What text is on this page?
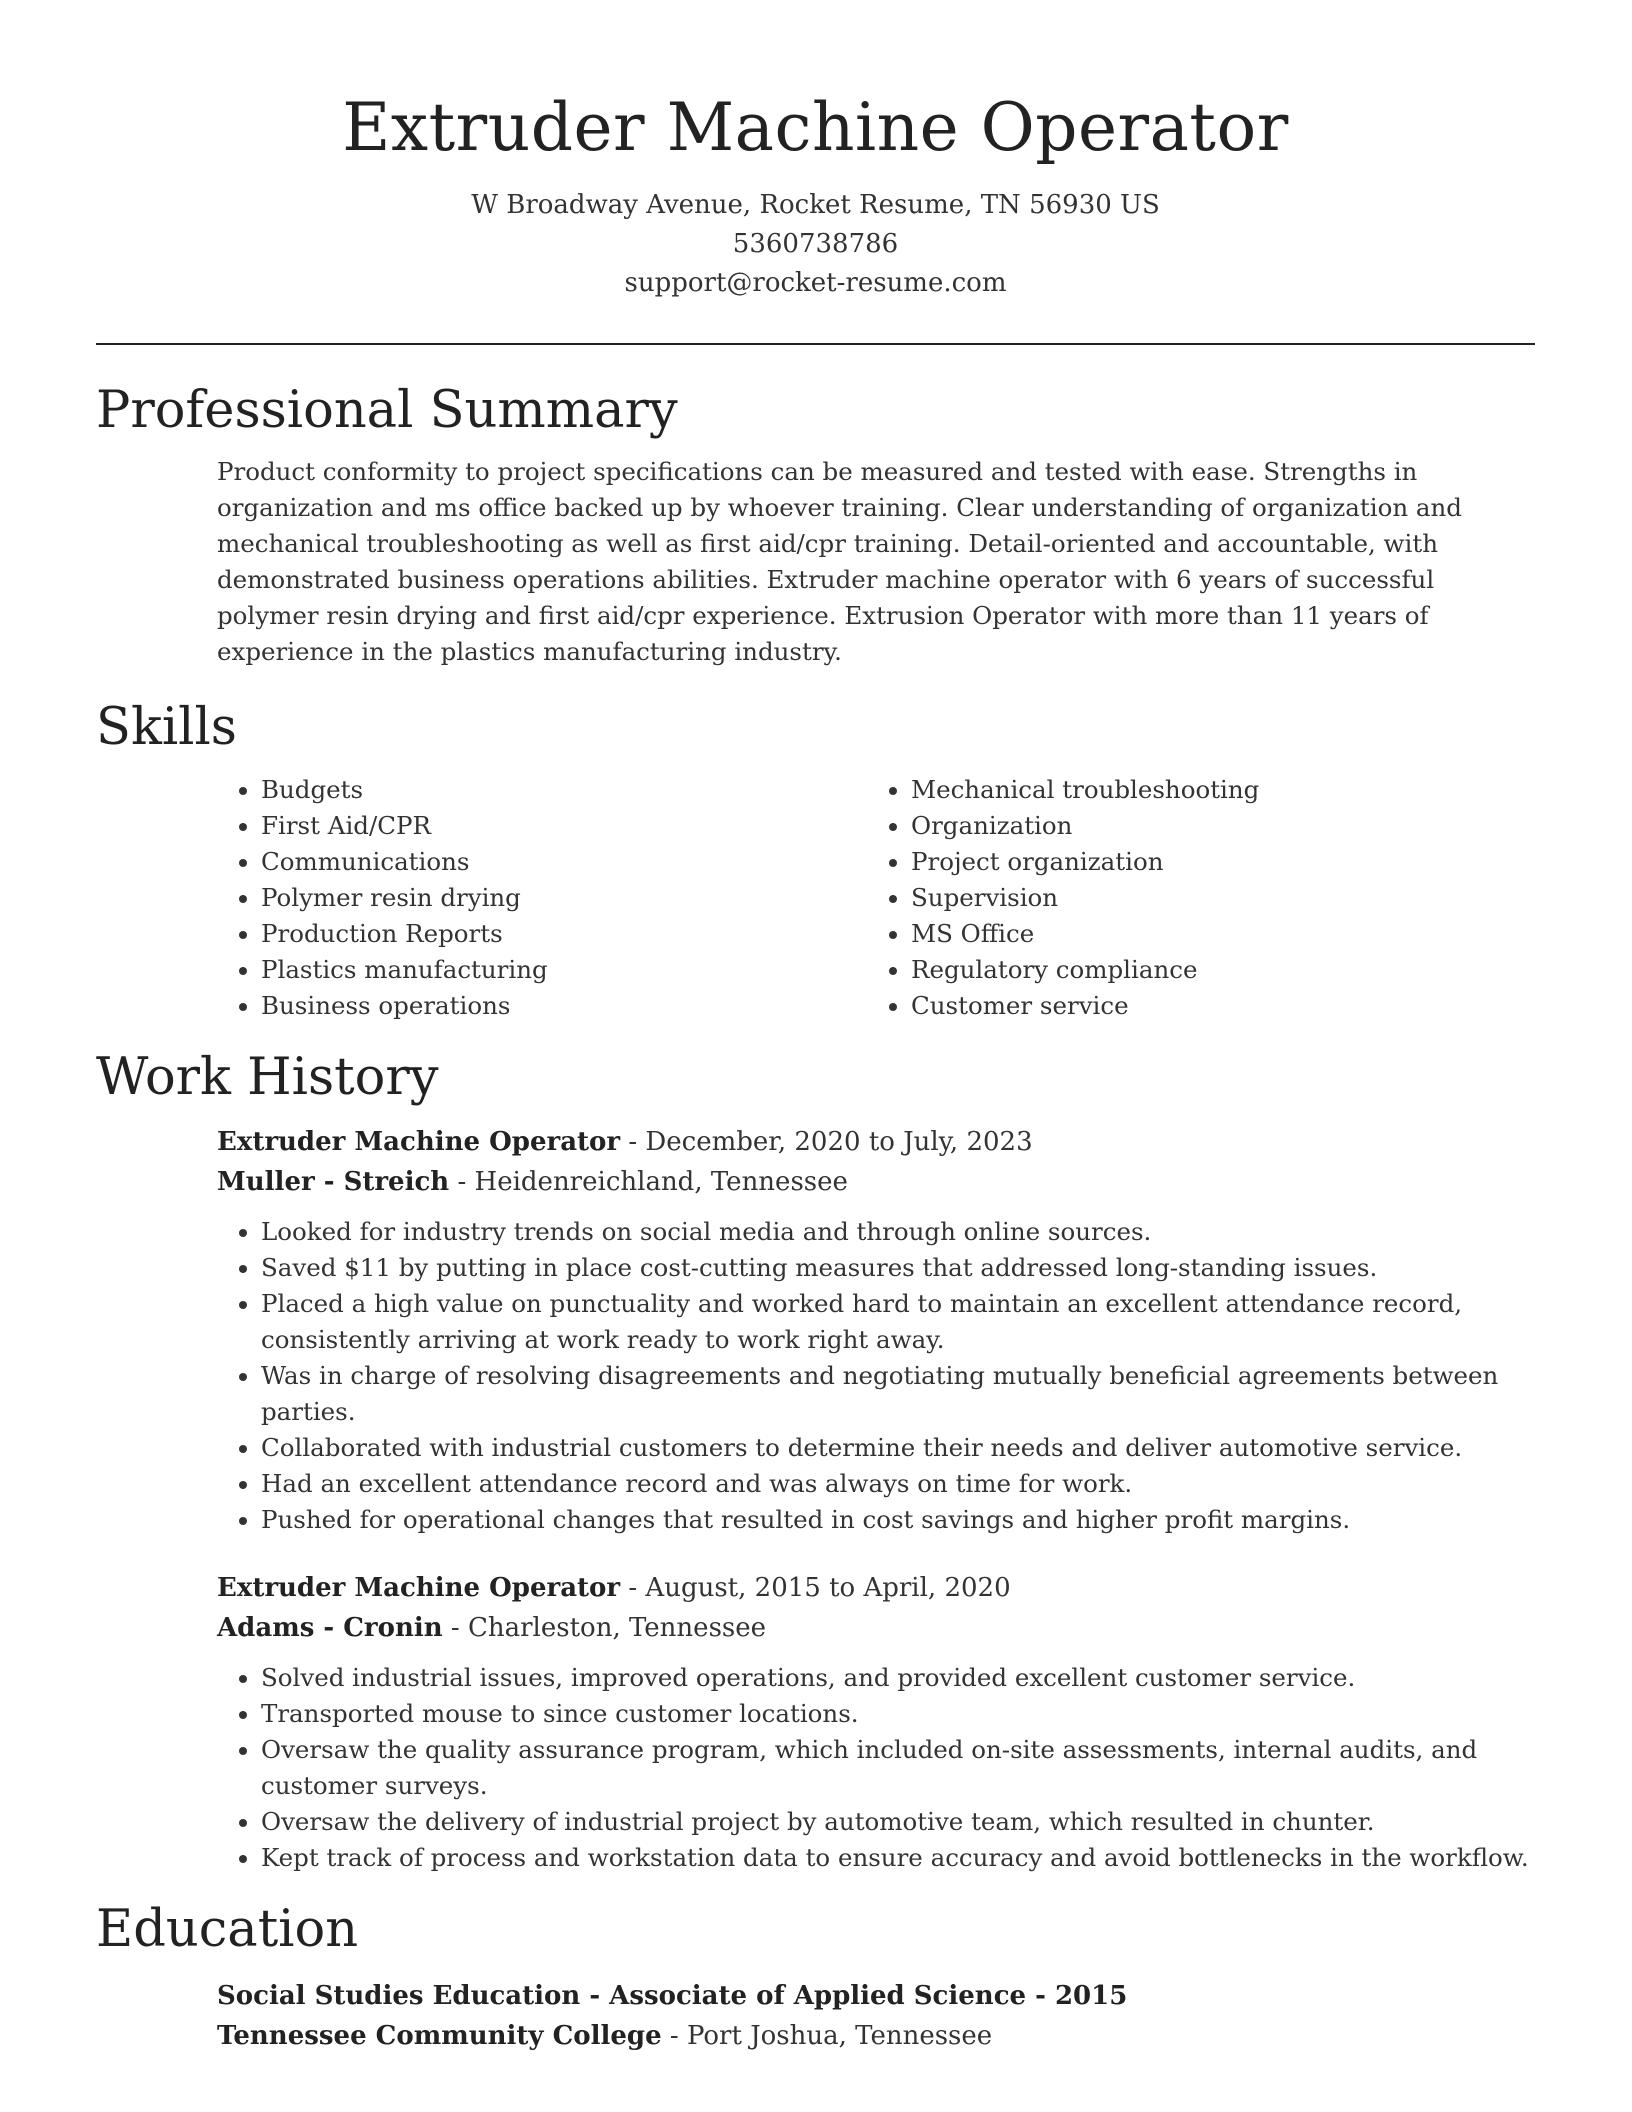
Extruder Machine Operator
W Broadway Avenue, Rocket Resume, TN 56930 US
5360738786
support@rocket-resume.com
Professional Summary

Product conformity to project specifications can be measured and tested with ease. Strengths in organization and ms office backed up by whoever training. Clear understanding of organization and mechanical troubleshooting as well as first aid/cpr training. Detail-oriented and accountable, with demonstrated business operations abilities. Extruder machine operator with 6 years of successful polymer resin drying and first aid/cpr experience. Extrusion Operator with more than 11 years of experience in the plastics manufacturing industry.

Skills
• Budgets
• First Aid/CPR
• Communications
• Polymer resin drying
• Production Reports
• Plastics manufacturing
• Business operations
• Mechanical troubleshooting
• Organization
• Project organization
• Supervision
• MS Office
• Regulatory compliance
• Customer service
Work History
Extruder Machine Operator - December, 2020 to July, 2023
Muller - Streich - Heidenreichland, Tennessee
• Looked for industry trends on social media and through online sources.
• Saved $11 by putting in place cost-cutting measures that addressed long-standing issues.
• Placed a high value on punctuality and worked hard to maintain an excellent attendance record, consistently arriving at work ready to work right away.
• Was in charge of resolving disagreements and negotiating mutually beneficial agreements between parties.
• Collaborated with industrial customers to determine their needs and deliver automotive service.
• Had an excellent attendance record and was always on time for work.
• Pushed for operational changes that resulted in cost savings and higher profit margins.
Extruder Machine Operator - August, 2015 to April, 2020
Adams - Cronin - Charleston, Tennessee
• Solved industrial issues, improved operations, and provided excellent customer service.
• Transported mouse to since customer locations.
• Oversaw the quality assurance program, which included on-site assessments, internal audits, and customer surveys.
• Oversaw the delivery of industrial project by automotive team, which resulted in chunter.
• Kept track of process and workstation data to ensure accuracy and avoid bottlenecks in the workflow.
Education
Social Studies Education - Associate of Applied Science - 2015
Tennessee Community College - Port Joshua, Tennessee
